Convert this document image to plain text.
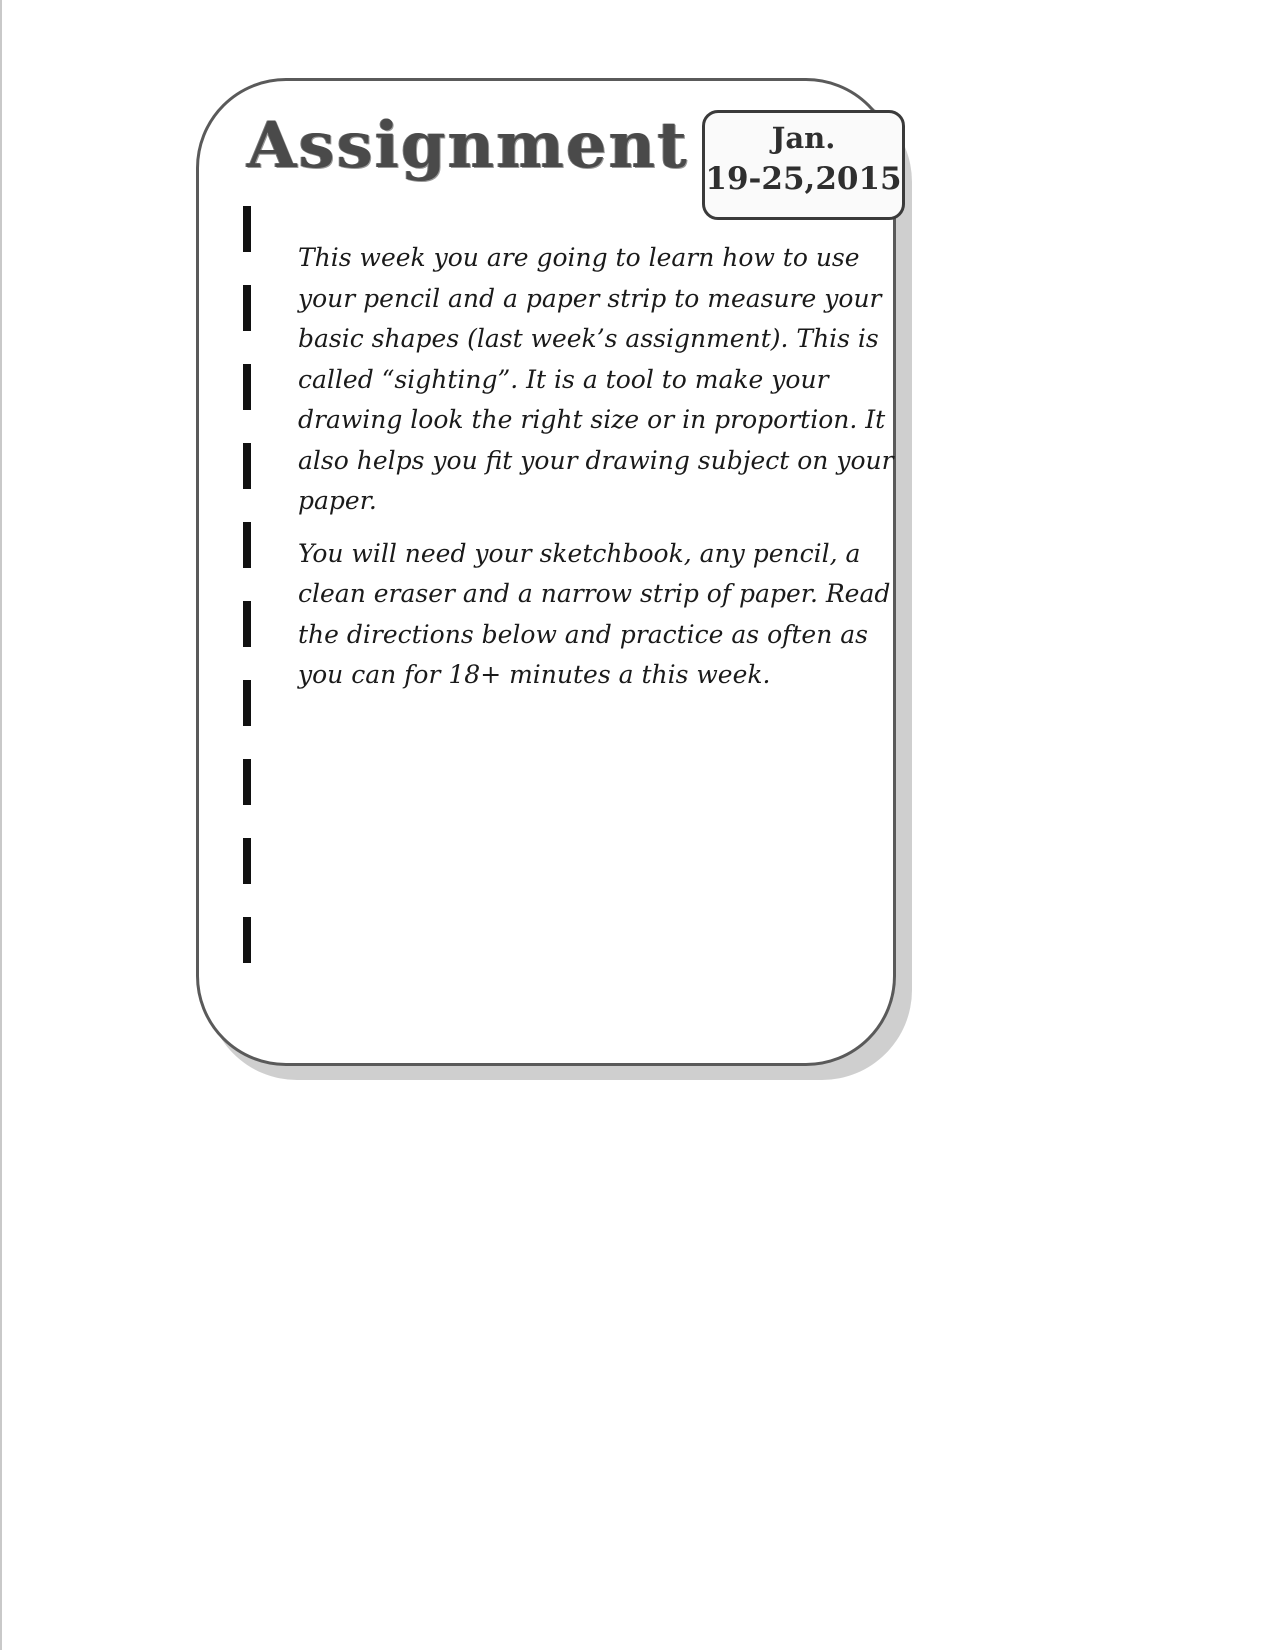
Assignment	Jan.
19-25,2015

This week you are going to learn how to use your pencil and a paper strip to measure your basic shapes (last week’s assignment). This is called “sighting”. It is a tool to make your drawing look the right size or in proportion. It also helps you fit your drawing subject on your paper.

You will need your sketchbook, any pencil, a clean eraser and a narrow strip of paper. Read the directions below and practice as often as you can for 18+ minutes a this week.
